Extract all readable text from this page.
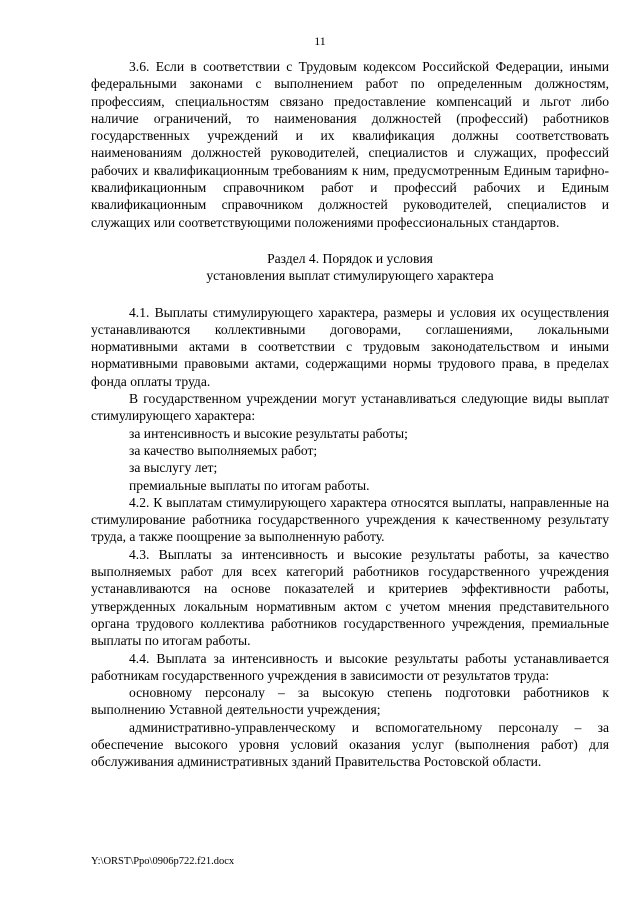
11

3.6. Если в соответствии с Трудовым кодексом Российской Федерации, иными федеральными законами с выполнением работ по определенным должностям, профессиям, специальностям связано предоставление компенсаций и льгот либо наличие ограничений, то наименования должностей (профессий) работников государственных учреждений и их квалификация должны соответствовать наименованиям должностей руководителей, специалистов и служащих, профессий рабочих и квалификационным требованиям к ним, предусмотренным Единым тарифно-квалификационным справочником работ и профессий рабочих и Единым квалификационным справочником должностей руководителей, специалистов и служащих или соответствующими положениями профессиональных стандартов.

Раздел 4. Порядок и условия
установления выплат стимулирующего характера

4.1. Выплаты стимулирующего характера, размеры и условия их осуществления устанавливаются коллективными договорами, соглашениями, локальными нормативными актами в соответствии с трудовым законодательством и иными нормативными правовыми актами, содержащими нормы трудового права, в пределах фонда оплаты труда.

В государственном учреждении могут устанавливаться следующие виды выплат стимулирующего характера:

за интенсивность и высокие результаты работы;

за качество выполняемых работ;

за выслугу лет;

премиальные выплаты по итогам работы.

4.2. К выплатам стимулирующего характера относятся выплаты, направленные на стимулирование работника государственного учреждения к качественному результату труда, а также поощрение за выполненную работу.

4.3. Выплаты за интенсивность и высокие результаты работы, за качество выполняемых работ для всех категорий работников государственного учреждения устанавливаются на основе показателей и критериев эффективности работы, утвержденных локальным нормативным актом с учетом мнения представительного органа трудового коллектива работников государственного учреждения, премиальные выплаты по итогам работы.

4.4. Выплата за интенсивность и высокие результаты работы устанавливается работникам государственного учреждения в зависимости от результатов труда:

основному персоналу – за высокую степень подготовки работников к выполнению Уставной деятельности учреждения;

административно-управленческому и вспомогательному персоналу – за обеспечение высокого уровня условий оказания услуг (выполнения работ) для обслуживания административных зданий Правительства Ростовской области.

Y:\ORST\Ppo\0906p722.f21.docx
